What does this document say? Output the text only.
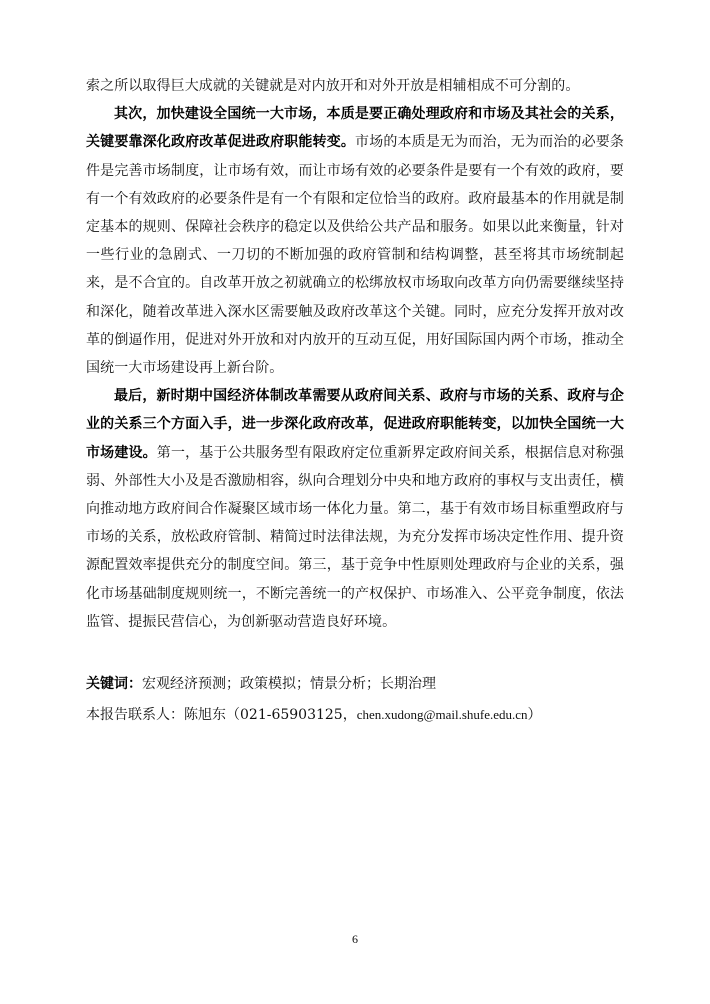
索之所以取得巨大成就的关键就是对内放开和对外开放是相辅相成不可分割的。

其次，加快建设全国统一大市场，本质是要正确处理政府和市场及其社会的关系，关键要靠深化政府改革促进政府职能转变。市场的本质是无为而治，无为而治的必要条件是完善市场制度，让市场有效，而让市场有效的必要条件是要有一个有效的政府，要有一个有效政府的必要条件是有一个有限和定位恰当的政府。政府最基本的作用就是制定基本的规则、保障社会秩序的稳定以及供给公共产品和服务。如果以此来衡量，针对一些行业的急剧式、一刀切的不断加强的政府管制和结构调整，甚至将其市场统制起来，是不合宜的。自改革开放之初就确立的松绑放权市场取向改革方向仍需要继续坚持和深化，随着改革进入深水区需要触及政府改革这个关键。同时，应充分发挥开放对改革的倒逼作用，促进对外开放和对内放开的互动互促，用好国际国内两个市场，推动全国统一大市场建设再上新台阶。

最后，新时期中国经济体制改革需要从政府间关系、政府与市场的关系、政府与企业的关系三个方面入手，进一步深化政府改革，促进政府职能转变，以加快全国统一大市场建设。第一，基于公共服务型有限政府定位重新界定政府间关系，根据信息对称强弱、外部性大小及是否激励相容，纵向合理划分中央和地方政府的事权与支出责任，横向推动地方政府间合作凝聚区域市场一体化力量。第二，基于有效市场目标重塑政府与市场的关系，放松政府管制、精简过时法律法规，为充分发挥市场决定性作用、提升资源配置效率提供充分的制度空间。第三，基于竞争中性原则处理政府与企业的关系，强化市场基础制度规则统一，不断完善统一的产权保护、市场准入、公平竞争制度，依法监管、提振民营信心，为创新驱动营造良好环境。

关键词：宏观经济预测；政策模拟；情景分析；长期治理
本报告联系人：陈旭东（021-65903125，chen.xudong@mail.shufe.edu.cn）
6
